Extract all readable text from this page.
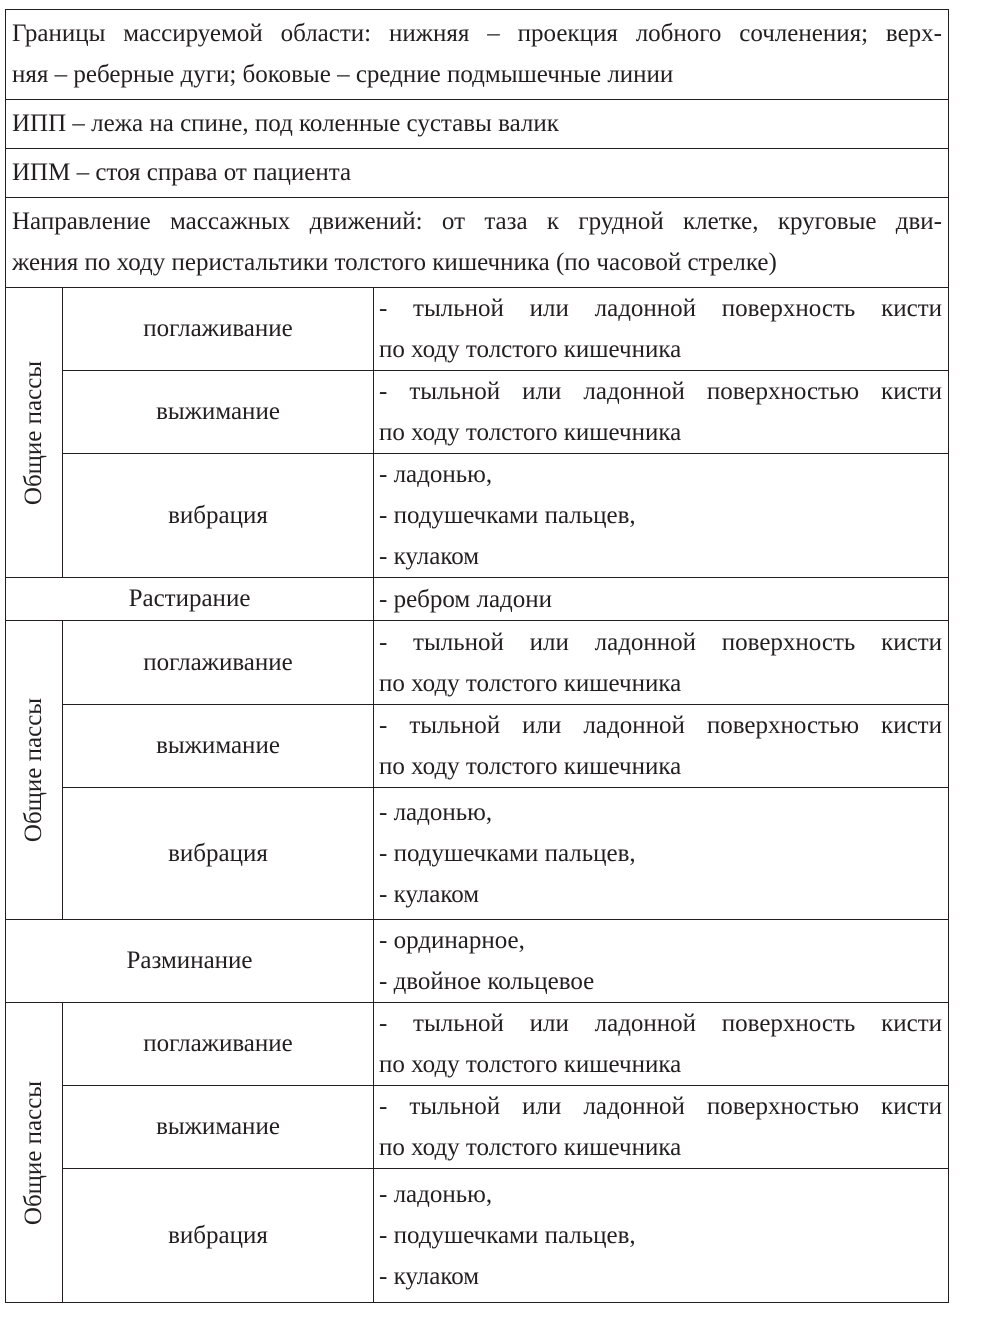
Границы массируемой области: нижняя – проекция лобного сочленения; верх-
няя – реберные дуги; боковые – средние подмышечные линии		

ИПП – лежа на спине, под коленные суставы валик		

ИПМ – стоя справа от пациента		

Направление массажных движений: от таза к грудной клетке, круговые дви-
жения по ходу перистальтики толстого кишечника (по часовой стрелке)		

Общие пассы	поглаживание	- тыльной или ладонной поверхность кисти
по ходу толстого кишечника

	выжимание	- тыльной или ладонной поверхностью кисти
по ходу толстого кишечника

	вибрация	- ладонью,
- подушечками пальцев,
- кулаком

Растирание		- ребром ладони

Общие пассы	поглаживание	- тыльной или ладонной поверхность кисти
по ходу толстого кишечника

	выжимание	- тыльной или ладонной поверхностью кисти
по ходу толстого кишечника

	вибрация	- ладонью,
- подушечками пальцев,
- кулаком

Разминание		- ординарное,
- двойное кольцевое

Общие пассы	поглаживание	- тыльной или ладонной поверхность кисти
по ходу толстого кишечника

	выжимание	- тыльной или ладонной поверхностью кисти
по ходу толстого кишечника

	вибрация	- ладонью,
- подушечками пальцев,
- кулаком
